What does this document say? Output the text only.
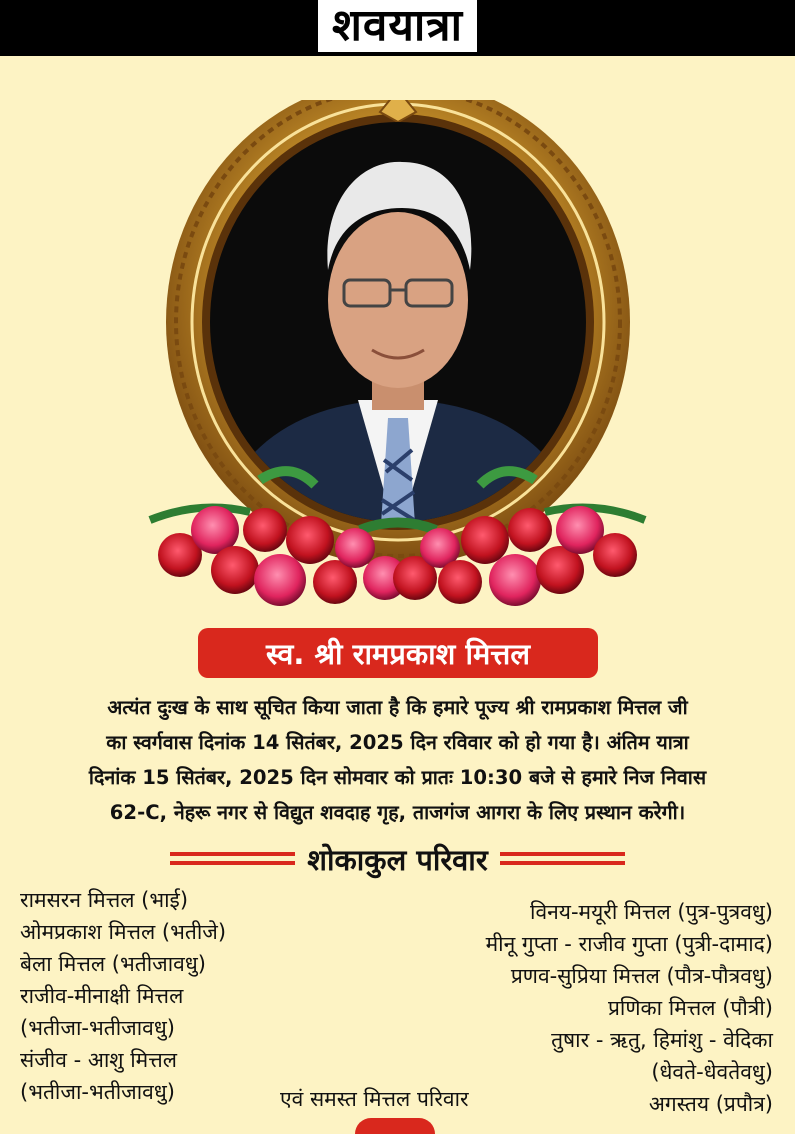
शवयात्रा
स्व. श्री रामप्रकाश मित्तल
अत्यंत दुःख के साथ सूचित किया जाता है कि हमारे पूज्य श्री रामप्रकाश मित्तल जी
का स्वर्गवास दिनांक 14 सितंबर, 2025 दिन रविवार को हो गया है। अंतिम यात्रा
दिनांक 15 सितंबर, 2025 दिन सोमवार को प्रातः 10:30 बजे से हमारे निज निवास
62-C, नेहरू नगर से विद्युत शवदाह गृह, ताजगंज आगरा के लिए प्रस्थान करेगी।
शोकाकुल परिवार
रामसरन मित्तल (भाई)
ओमप्रकाश मित्तल (भतीजे)
बेला मित्तल (भतीजावधु)
राजीव-मीनाक्षी मित्तल
(भतीजा-भतीजावधु)
संजीव - आशु मित्तल
(भतीजा-भतीजावधु)
विनय-मयूरी मित्तल (पुत्र-पुत्रवधु)
मीनू गुप्ता - राजीव गुप्ता (पुत्री-दामाद)
प्रणव-सुप्रिया मित्तल (पौत्र-पौत्रवधु)
प्रणिका मित्तल (पौत्री)
तुषार - ऋतु, हिमांशु - वेदिका
(धेवते-धेवतेवधु)
अगस्तय (प्रपौत्र)
एवं समस्त मित्तल परिवार
